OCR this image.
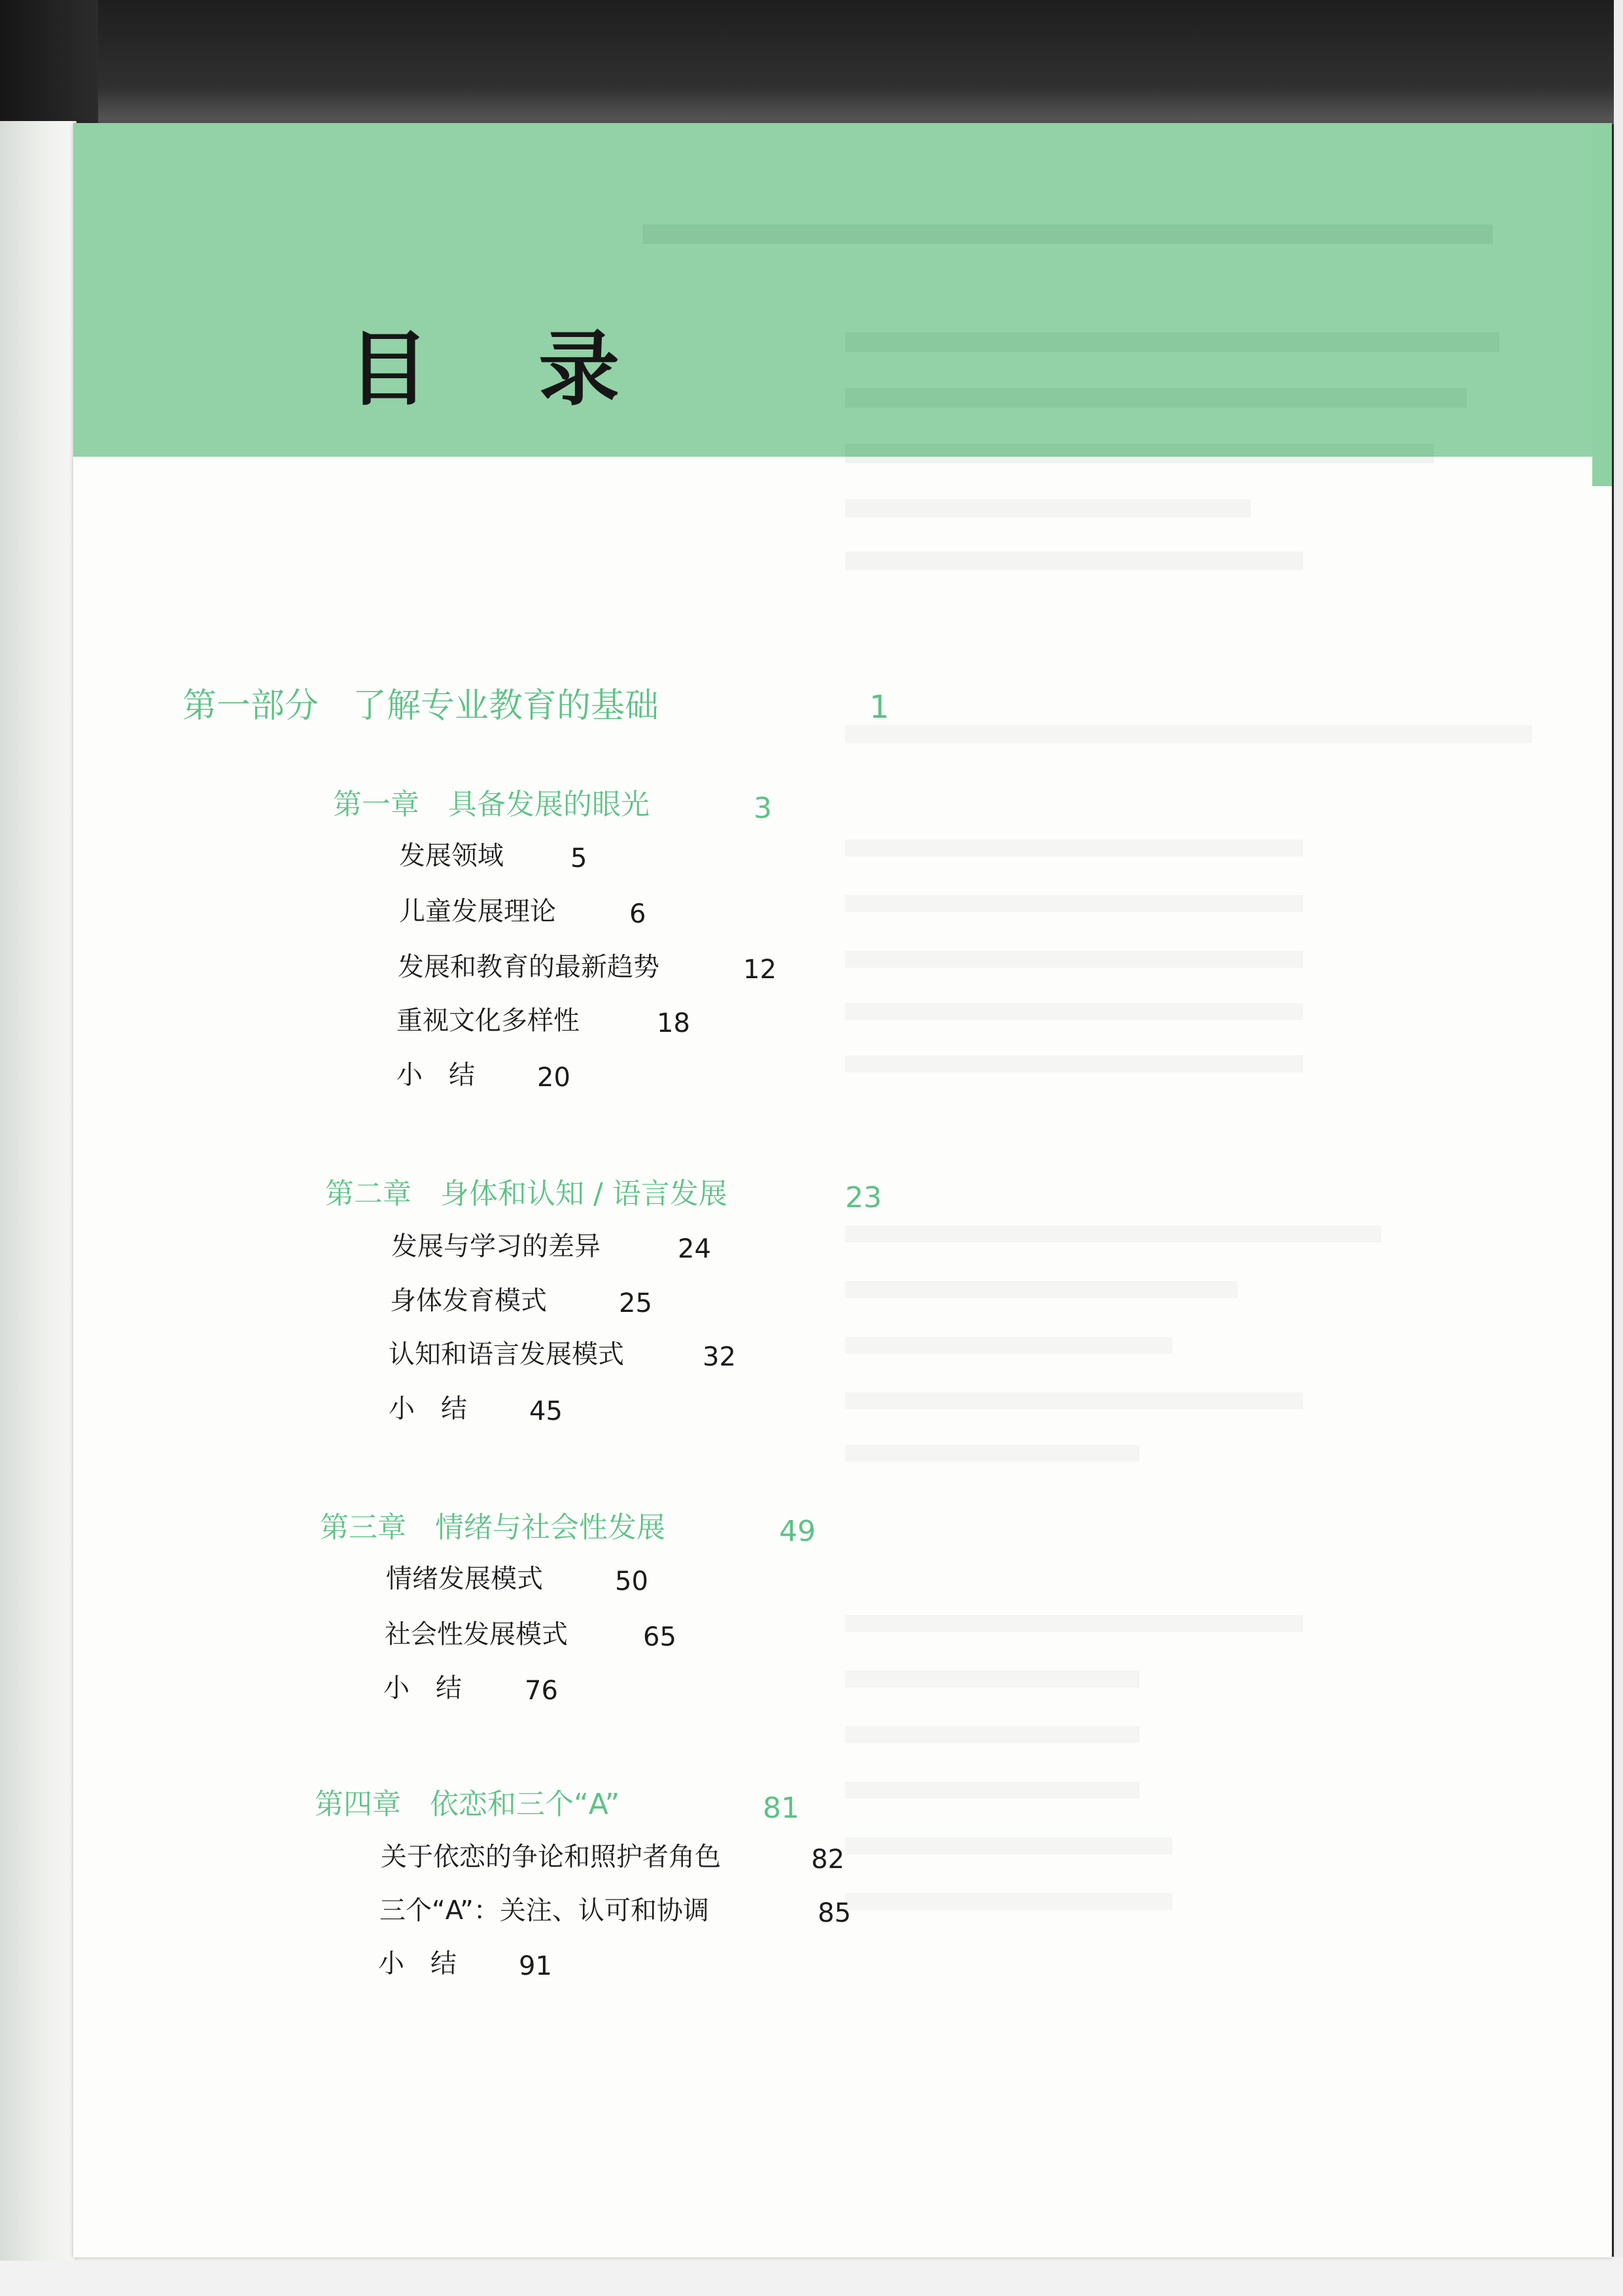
目 录
第一部分　了解专业教育的基础	1
第一章　具备发展的眼光	3
发展领域	5
儿童发展理论	6
发展和教育的最新趋势	12
重视文化多样性	18
小　结 20
第二章　身体和认知 / 语言发展	23
发展与学习的差异	24
身体发育模式	25
认知和语言发展模式	32
小　结 45
第三章　情绪与社会性发展	49
情绪发展模式	50
社会性发展模式	65
小　结 76
第四章　依恋和三个“A”	81
关于依恋的争论和照护者角色	82
三个“A”：关注、认可和协调	85
小　结 91
